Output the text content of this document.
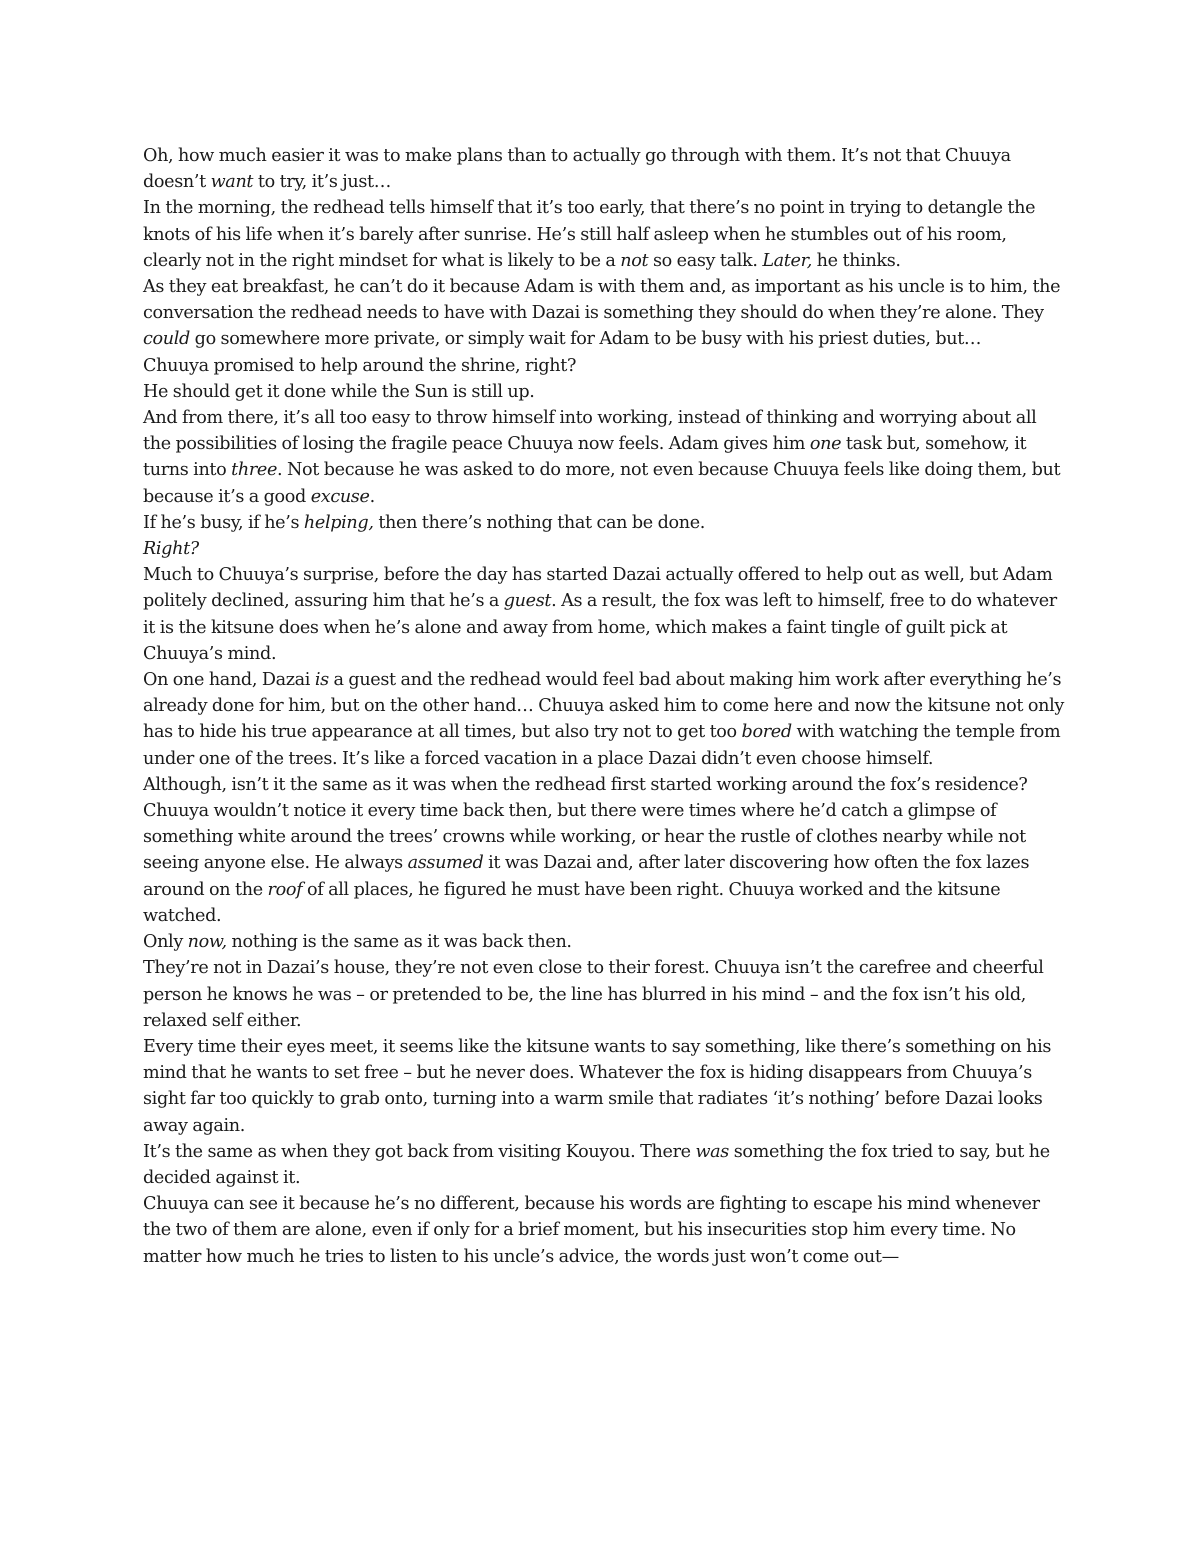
Oh, how much easier it was to make plans than to actually go through with them. It’s not that Chuuya doesn’t want to try, it’s just…

In the morning, the redhead tells himself that it’s too early, that there’s no point in trying to detangle the knots of his life when it’s barely after sunrise. He’s still half asleep when he stumbles out of his room, clearly not in the right mindset for what is likely to be a not so easy talk. Later, he thinks.

As they eat breakfast, he can’t do it because Adam is with them and, as important as his uncle is to him, the conversation the redhead needs to have with Dazai is something they should do when they’re alone. They could go somewhere more private, or simply wait for Adam to be busy with his priest duties, but…

Chuuya promised to help around the shrine, right?

He should get it done while the Sun is still up.

And from there, it’s all too easy to throw himself into working, instead of thinking and worrying about all the possibilities of losing the fragile peace Chuuya now feels. Adam gives him one task but, somehow, it turns into three. Not because he was asked to do more, not even because Chuuya feels like doing them, but because it’s a good excuse.

If he’s busy, if he’s helping, then there’s nothing that can be done.

Right?

Much to Chuuya’s surprise, before the day has started Dazai actually offered to help out as well, but Adam politely declined, assuring him that he’s a guest. As a result, the fox was left to himself, free to do whatever it is the kitsune does when he’s alone and away from home, which makes a faint tingle of guilt pick at Chuuya’s mind.

On one hand, Dazai is a guest and the redhead would feel bad about making him work after everything he’s already done for him, but on the other hand… Chuuya asked him to come here and now the kitsune not only has to hide his true appearance at all times, but also try not to get too bored with watching the temple from under one of the trees. It’s like a forced vacation in a place Dazai didn’t even choose himself.

Although, isn’t it the same as it was when the redhead first started working around the fox’s residence?

Chuuya wouldn’t notice it every time back then, but there were times where he’d catch a glimpse of something white around the trees’ crowns while working, or hear the rustle of clothes nearby while not seeing anyone else. He always assumed it was Dazai and, after later discovering how often the fox lazes around on the roof of all places, he figured he must have been right. Chuuya worked and the kitsune watched.

Only now, nothing is the same as it was back then.

They’re not in Dazai’s house, they’re not even close to their forest. Chuuya isn’t the carefree and cheerful person he knows he was – or pretended to be, the line has blurred in his mind – and the fox isn’t his old, relaxed self either.

Every time their eyes meet, it seems like the kitsune wants to say something, like there’s something on his mind that he wants to set free – but he never does. Whatever the fox is hiding disappears from Chuuya’s sight far too quickly to grab onto, turning into a warm smile that radiates ‘it’s nothing’ before Dazai looks away again.

It’s the same as when they got back from visiting Kouyou. There was something the fox tried to say, but he decided against it.

Chuuya can see it because he’s no different, because his words are fighting to escape his mind whenever the two of them are alone, even if only for a brief moment, but his insecurities stop him every time. No matter how much he tries to listen to his uncle’s advice, the words just won’t come out—
